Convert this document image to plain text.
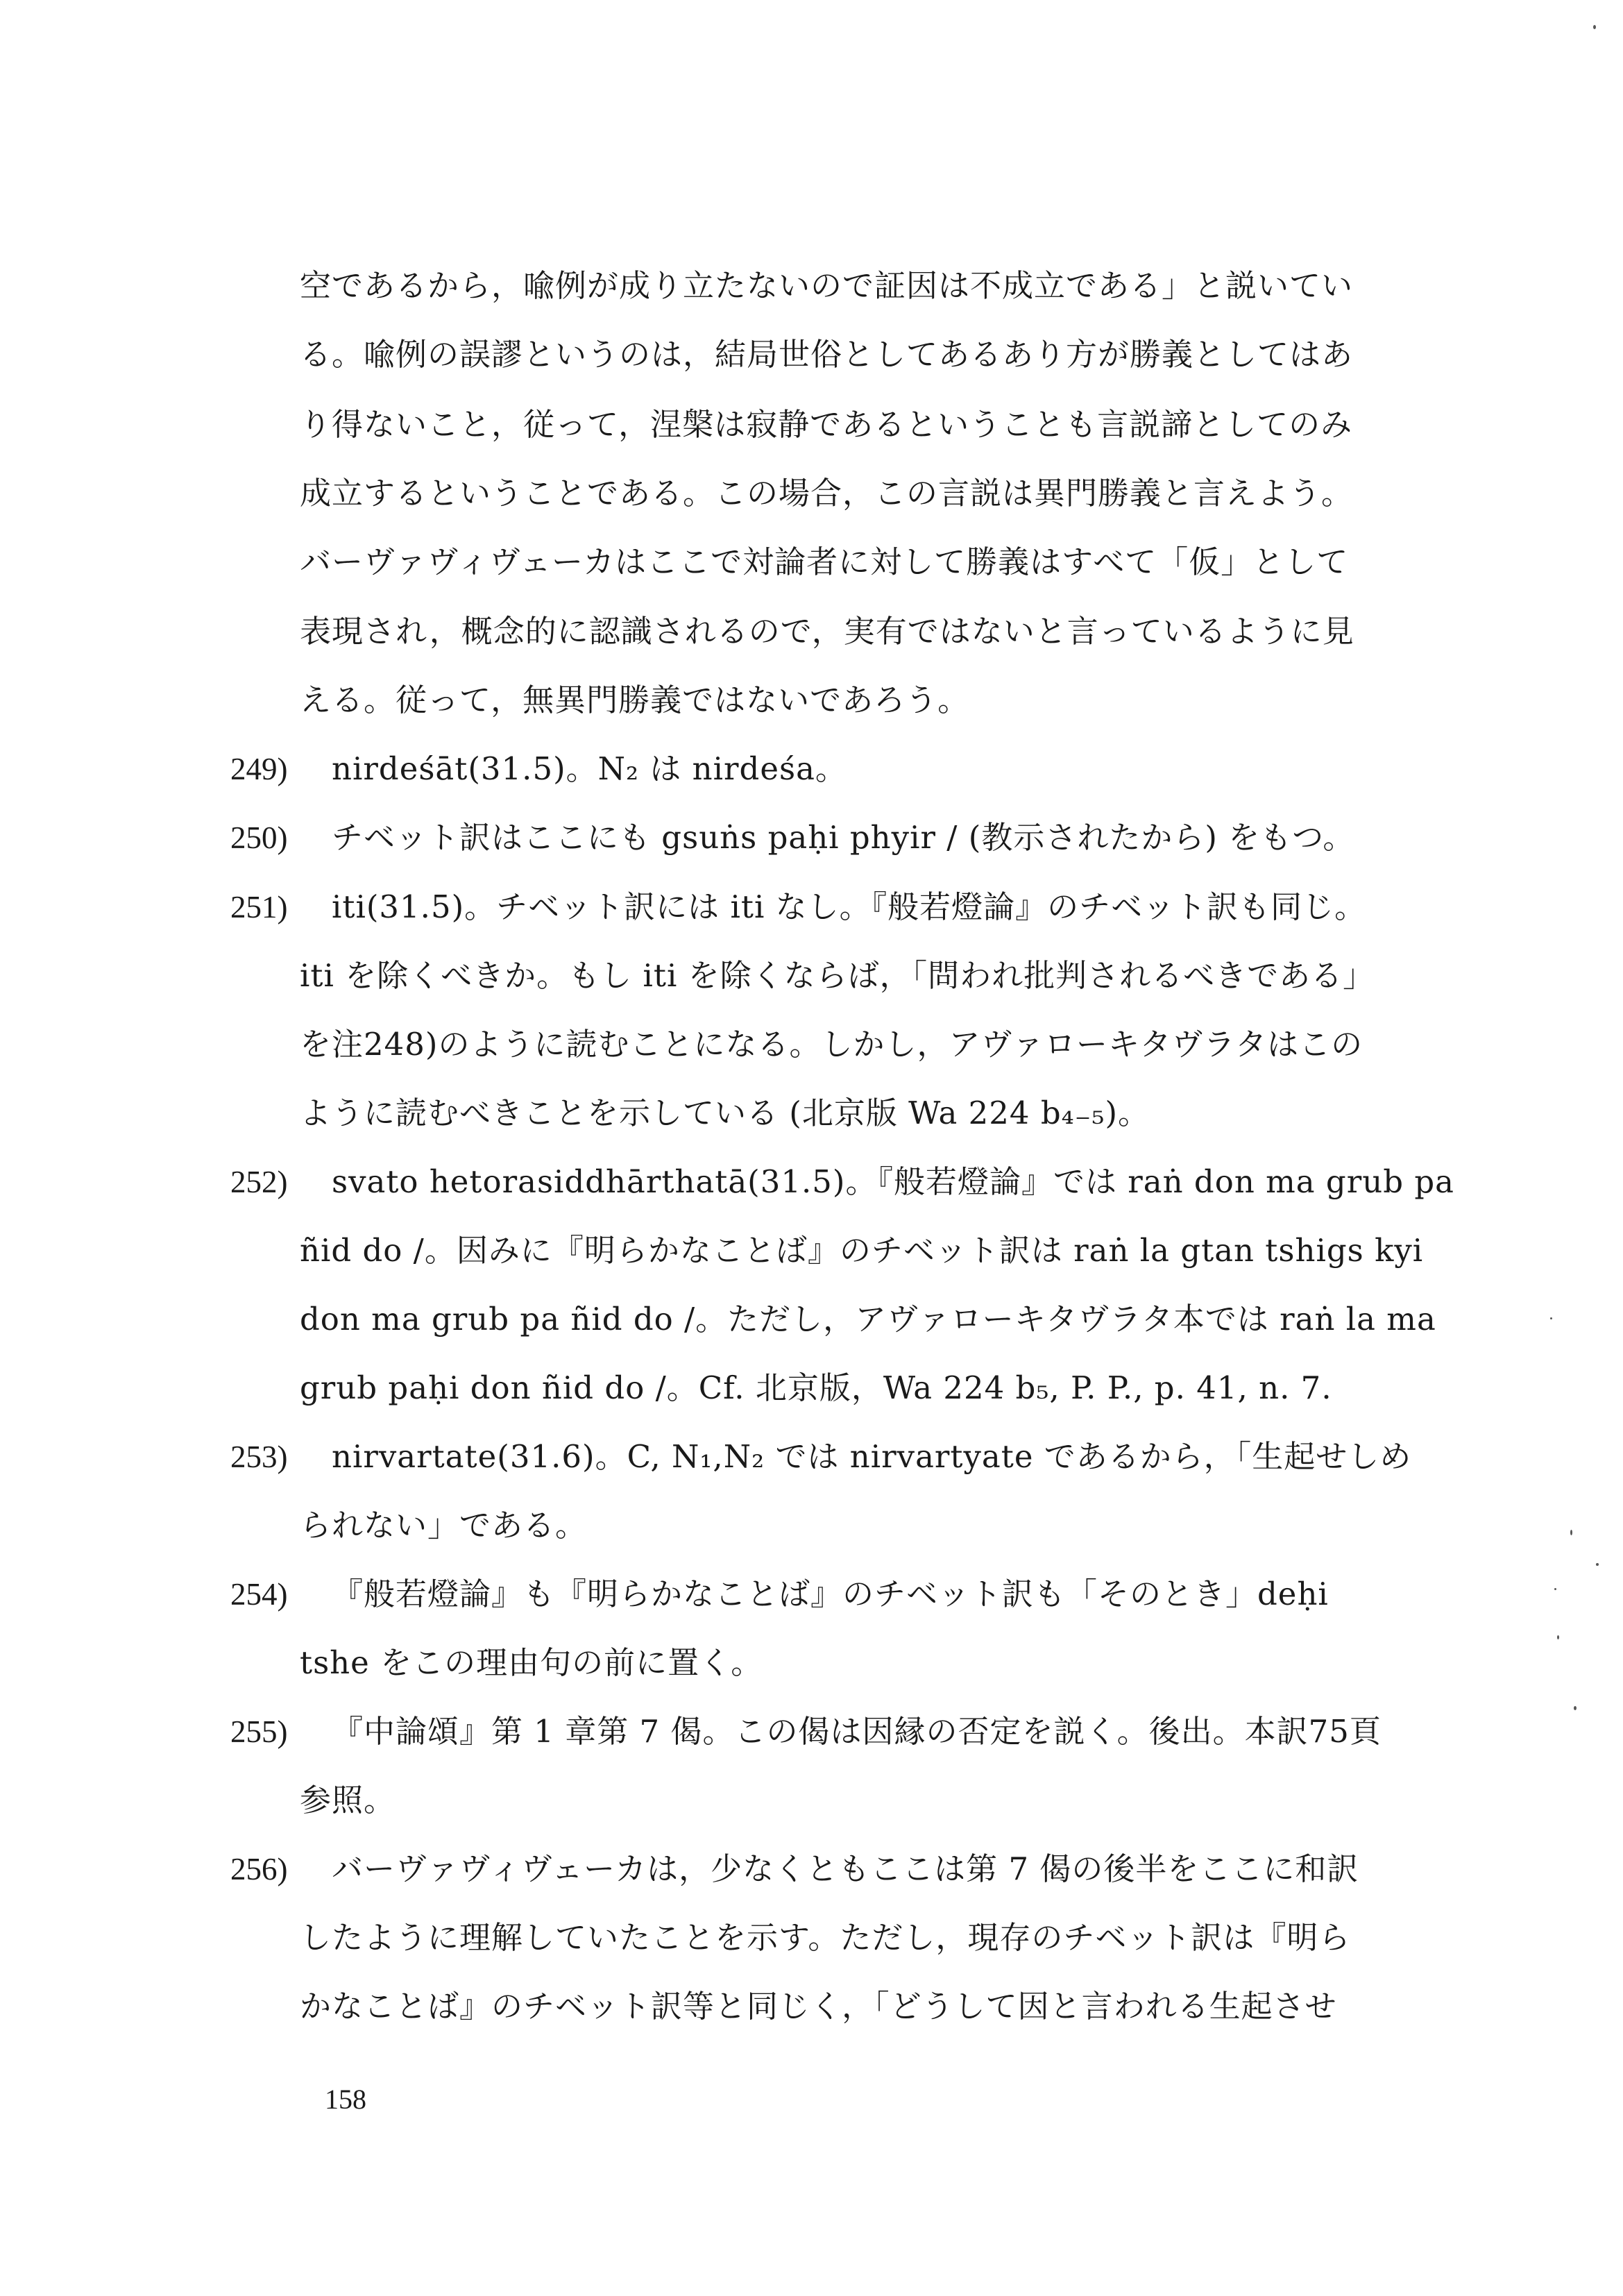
空であるから，喩例が成り立たないので証因は不成立である」と説いてい
る。喩例の誤謬というのは，結局世俗としてあるあり方が勝義としてはあ
り得ないこと，従って，涅槃は寂静であるということも言説諦としてのみ
成立するということである。この場合，この言説は異門勝義と言えよう。
バーヴァヴィヴェーカはここで対論者に対して勝義はすべて「仮」として
表現され，概念的に認識されるので，実有ではないと言っているように見
える。従って，無異門勝義ではないであろう。
249) nirdeśāt(31.5)。N₂ は nirdeśa。
250) チベット訳はここにも gsuṅs paḥi phyir / (教示されたから) をもつ。
251) iti(31.5)。チベット訳には iti なし。『般若燈論』のチベット訳も同じ。
iti を除くべきか。もし iti を除くならば，「問われ批判されるべきである」
を注248)のように読むことになる。しかし，アヴァローキタヴラタはこの
ように読むべきことを示している (北京版 Wa 224 b₄₋₅)。
252) svato hetorasiddhārthatā(31.5)。『般若燈論』では raṅ don ma grub pa
ñid do /。因みに『明らかなことば』のチベット訳は raṅ la gtan tshigs kyi
don ma grub pa ñid do /。ただし，アヴァローキタヴラタ本では raṅ la ma
grub paḥi don ñid do /。Cf. 北京版，Wa 224 b₅, P. P., p. 41, n. 7.
253) nirvartate(31.6)。C, N₁,N₂ では nirvartyate であるから，「生起せしめ
られない」である。
254) 『般若燈論』も『明らかなことば』のチベット訳も「そのとき」deḥi
tshe をこの理由句の前に置く。
255) 『中論頌』第 1 章第 7 偈。この偈は因縁の否定を説く。後出。本訳75頁
参照。
256) バーヴァヴィヴェーカは，少なくともここは第 7 偈の後半をここに和訳
したように理解していたことを示す。ただし，現存のチベット訳は『明ら
かなことば』のチベット訳等と同じく，「どうして因と言われる生起させ
158
